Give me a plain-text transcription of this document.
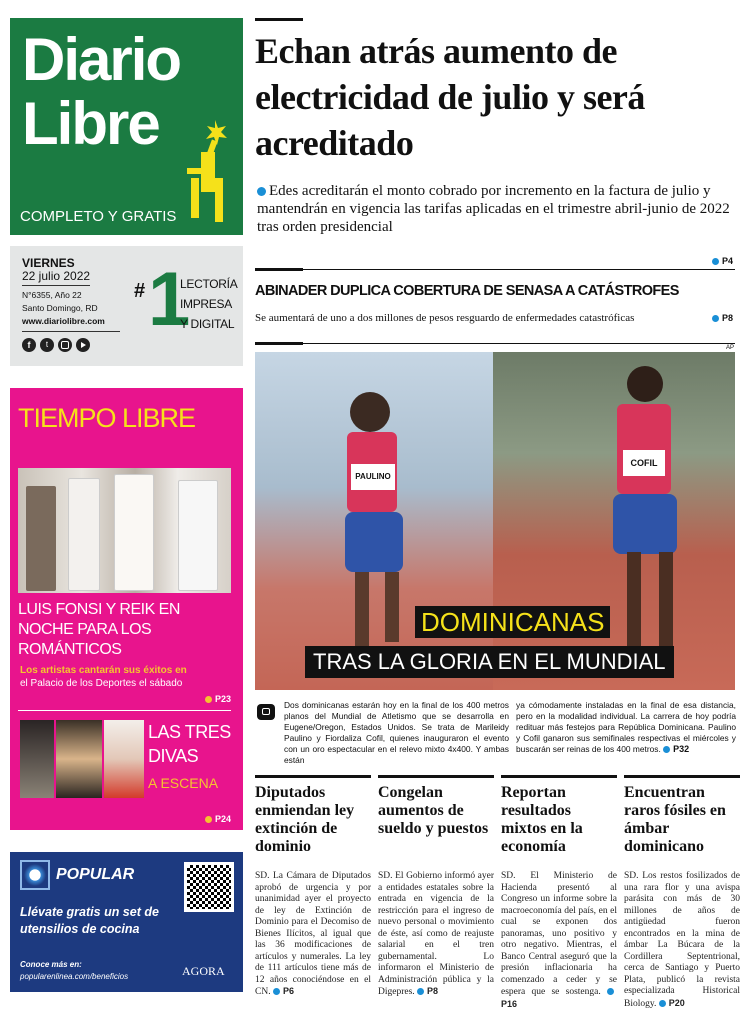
Diario
Libre
COMPLETO Y GRATIS
VIERNES
22 julio 2022
N°6355, Año 22
Santo Domingo, RD
www.diariolibre.com
f	t
# 1
LECTORÍA
IMPRESA
Y DIGITAL
TIEMPO LIBRE
LUIS FONSI Y REIK EN NOCHE PARA LOS ROMÁNTICOS
Los artistas cantarán sus éxitos en
el Palacio de los Deportes el sábado
P23
LAS TRES
DIVAS
A ESCENA
P24
POPULAR
Llévate gratis un set de utensilios de cocina
Conoce más en:
popularenlinea.com/beneficios	AGORA
Echan atrás aumento de electricidad de julio y será acreditado
Edes acreditarán el monto cobrado por incremento en la factura de julio y mantendrán en vigencia las tarifas aplicadas en el trimestre abril-junio de 2022 tras orden presidencial
P4
ABINADER DUPLICA COBERTURA DE SENASA A CATÁSTROFES
Se aumentará de uno a dos millones de pesos resguardo de enfermedades catastróficas	P8
AP
PAULINO
COFIL
DOMINICANAS
TRAS LA GLORIA EN EL MUNDIAL
Dos dominicanas estarán hoy en la final de los 400 metros planos del Mundial de Atletismo que se desarrolla en Eugene/Oregon, Estados Unidos. Se trata de Marileidy Paulino y Fiordaliza Cofil, quienes inauguraron el evento con un oro espectacular en el relevo mixto 4x400. Y ambas están
ya cómodamente instaladas en la final de esa distancia, pero en la modalidad individual. La carrera de hoy podría redituar más festejos para República Dominicana. Paulino y Cofil ganaron sus semifinales respectivas el miércoles y buscarán ser reinas de los 400 metros. P32
Diputados enmiendan ley extinción de dominio
SD. La Cámara de Diputados aprobó de urgencia y por unanimidad ayer el proyecto de ley de Extinción de Dominio para el Decomiso de Bienes Ilícitos, al igual que las 36 modificaciones de artículos y numerales. La ley de 111 artículos tiene más de 12 años conociéndose en el CN. P6
Congelan aumentos de sueldo y puestos
SD. El Gobierno informó ayer a entidades estatales sobre la entrada en vigencia de la restricción para el ingreso de nuevo personal o movimiento de éste, así como de reajuste salarial en el tren gubernamental. Lo informaron el Ministerio de Administración pública y la Digepres. P8
Reportan resultados mixtos en la economía
SD. El Ministerio de Hacienda presentó al Congreso un informe sobre la macroeconomía del país, en el cual se exponen dos panoramas, uno positivo y otro negativo. Mientras, el Banco Central aseguró que la presión inflacionaria ha comenzado a ceder y se espera que se sostenga. P16
Encuentran raros fósiles en ámbar dominicano
SD. Los restos fosilizados de una rara flor y una avispa parásita con más de 30 millones de años de antigüedad fueron encontrados en la mina de ámbar La Búcara de la Cordillera Septentrional, cerca de Santiago y Puerto Plata, publicó la revista especializada Historical Biology. P20
